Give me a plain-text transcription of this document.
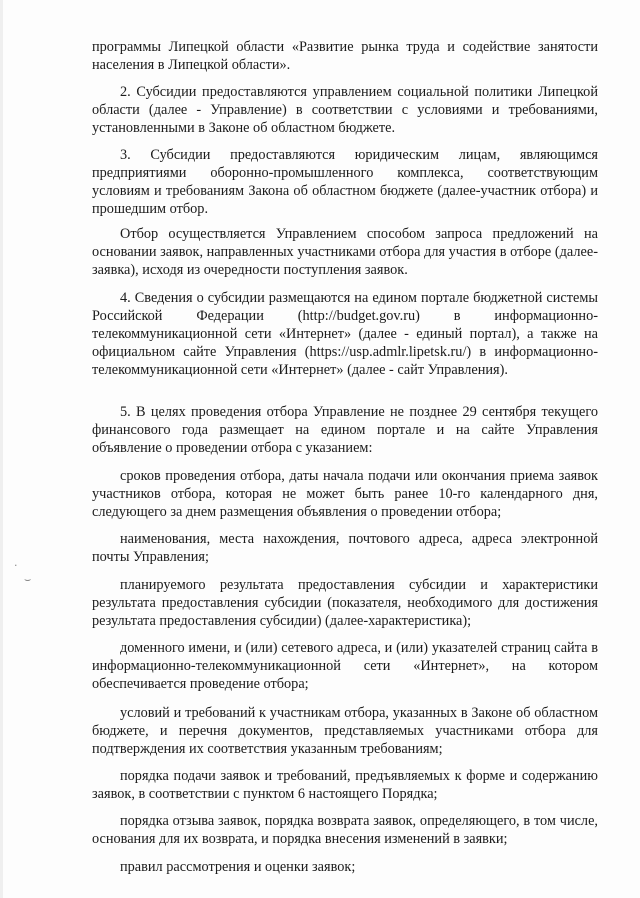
программы Липецкой области «Развитие рынка труда и содействие занятости населения в Липецкой области».

2. Субсидии предоставляются управлением социальной политики Липецкой области (далее - Управление) в соответствии с условиями и требованиями, установленными в Законе об областном бюджете.

3. Субсидии предоставляются юридическим лицам, являющимся предприятиями оборонно-промышленного комплекса, соответствующим условиям и требованиям Закона об областном бюджете (далее-участник отбора) и прошедшим отбор.

Отбор осуществляется Управлением способом запроса предложений на основании заявок, направленных участниками отбора для участия в отборе (далее-заявка), исходя из очередности поступления заявок.

4. Сведения о субсидии размещаются на едином портале бюджетной системы Российской Федерации (http://budget.gov.ru) в информационно-телекоммуникационной сети «Интернет» (далее - единый портал), а также на официальном сайте Управления (https://usp.admlr.lipetsk.ru/) в информационно-телекоммуникационной сети «Интернет» (далее - сайт Управления).

5. В целях проведения отбора Управление не позднее 29 сентября текущего финансового года размещает на едином портале и на сайте Управления объявление о проведении отбора с указанием:

сроков проведения отбора, даты начала подачи или окончания приема заявок участников отбора, которая не может быть ранее 10-го календарного дня, следующего за днем размещения объявления о проведении отбора;

наименования, места нахождения, почтового адреса, адреса электронной почты Управления;

планируемого результата предоставления субсидии и характеристики результата предоставления субсидии (показателя, необходимого для достижения результата предоставления субсидии) (далее-характеристика);

доменного имени, и (или) сетевого адреса, и (или) указателей страниц сайта в информационно-телекоммуникационной сети «Интернет», на котором обеспечивается проведение отбора;

условий и требований к участникам отбора, указанных в Законе об областном бюджете, и перечня документов, представляемых участниками отбора для подтверждения их соответствия указанным требованиям;

порядка подачи заявок и требований, предъявляемых к форме и содержанию заявок, в соответствии с пунктом 6 настоящего Порядка;

порядка отзыва заявок, порядка возврата заявок, определяющего, в том числе, основания для их возврата, и порядка внесения изменений в заявки;

правил рассмотрения и оценки заявок;

·
⌣
